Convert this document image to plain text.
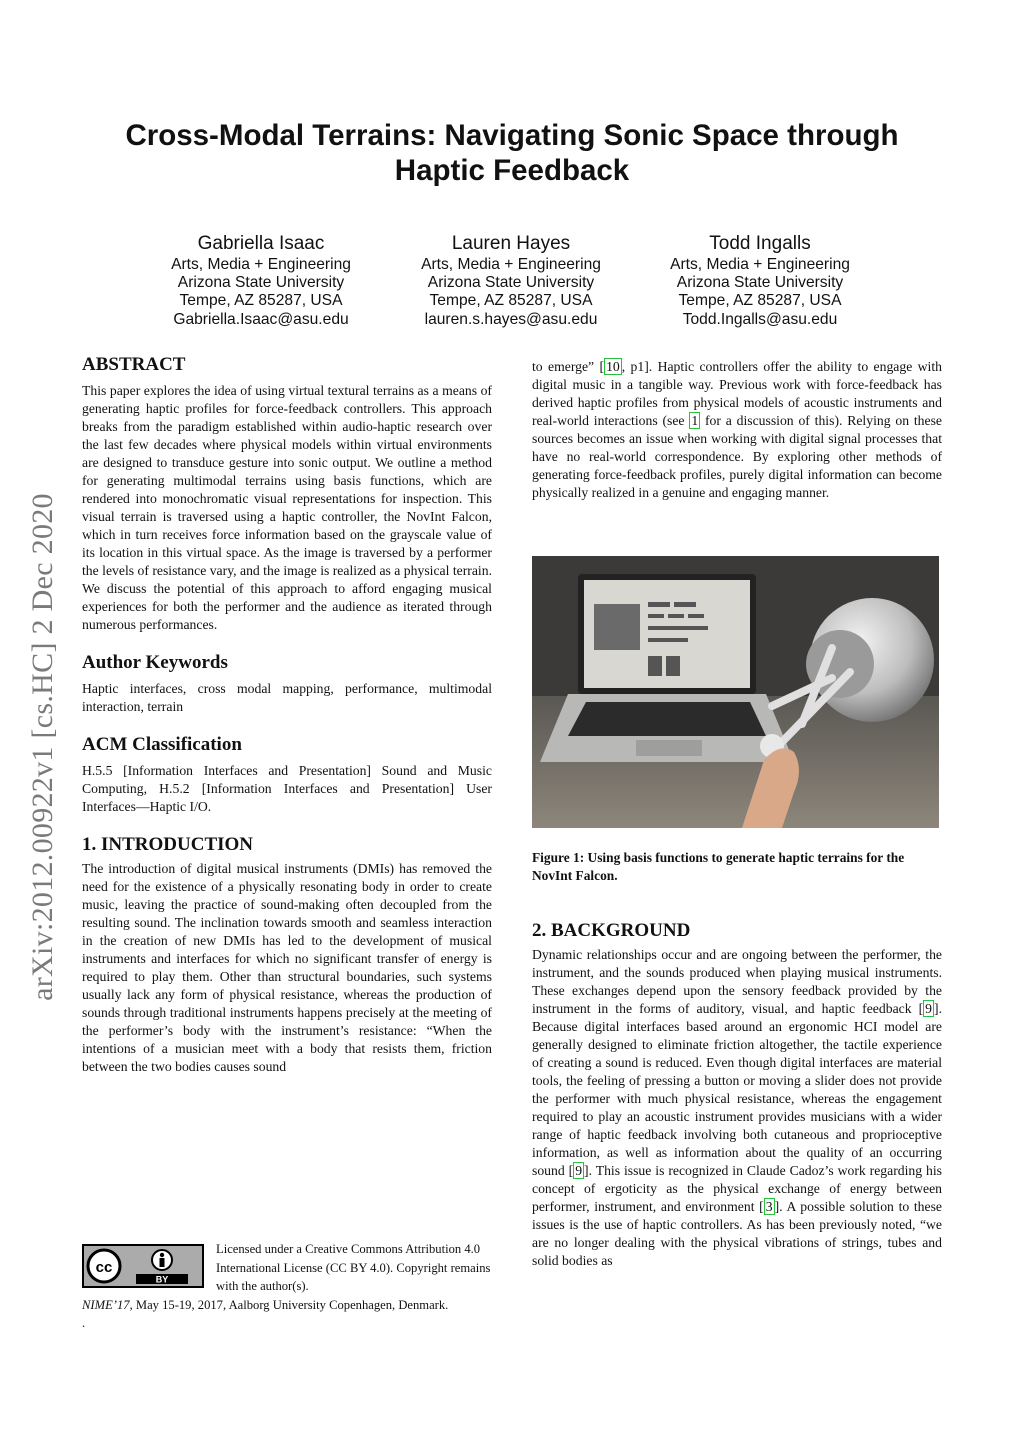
Cross-Modal Terrains: Navigating Sonic Space through
Haptic Feedback
Gabriella Isaac
Arts, Media + Engineering
Arizona State University
Tempe, AZ 85287, USA
Gabriella.Isaac@asu.edu
Lauren Hayes
Arts, Media + Engineering
Arizona State University
Tempe, AZ 85287, USA
lauren.s.hayes@asu.edu
Todd Ingalls
Arts, Media + Engineering
Arizona State University
Tempe, AZ 85287, USA
Todd.Ingalls@asu.edu
arXiv:2012.00922v1 [cs.HC] 2 Dec 2020
ABSTRACT

This paper explores the idea of using virtual textural terrains as a means of generating haptic profiles for force-feedback controllers. This approach breaks from the paradigm established within audio-haptic research over the last few decades where physical models within virtual environments are designed to transduce gesture into sonic output. We outline a method for generating multimodal terrains using basis functions, which are rendered into monochromatic visual representations for inspection. This visual terrain is traversed using a haptic controller, the NovInt Falcon, which in turn receives force information based on the grayscale value of its location in this virtual space. As the image is traversed by a performer the levels of resistance vary, and the image is realized as a physical terrain. We discuss the potential of this approach to afford engaging musical experiences for both the performer and the audience as iterated through numerous performances.

Author Keywords

Haptic interfaces, cross modal mapping, performance, multimodal interaction, terrain

ACM Classification

H.5.5 [Information Interfaces and Presentation] Sound and Music Computing, H.5.2 [Information Interfaces and Presentation] User Interfaces—Haptic I/O.

1. INTRODUCTION

The introduction of digital musical instruments (DMIs) has removed the need for the existence of a physically resonating body in order to create music, leaving the practice of sound-making often decoupled from the resulting sound. The inclination towards smooth and seamless interaction in the creation of new DMIs has led to the development of musical instruments and interfaces for which no significant transfer of energy is required to play them. Other than structural boundaries, such systems usually lack any form of physical resistance, whereas the production of sounds through traditional instruments happens precisely at the meeting of the performer’s body with the instrument’s resistance: “When the intentions of a musician meet with a body that resists them, friction between the two bodies causes sound

to emerge” [ 10 , p1]. Haptic controllers offer the ability to engage with digital music in a tangible way. Previous work with force-feedback has derived haptic profiles from physical models of acoustic instruments and real-world interactions (see 1 for a discussion of this). Relying on these sources becomes an issue when working with digital signal processes that have no real-world correspondence. By exploring other methods of generating force-feedback profiles, purely digital information can become physically realized in a genuine and engaging manner.

Figure 1: Using basis functions to generate haptic terrains for the NovInt Falcon.
2. BACKGROUND

Dynamic relationships occur and are ongoing between the performer, the instrument, and the sounds produced when playing musical instruments. These exchanges depend upon the sensory feedback provided by the instrument in the forms of auditory, visual, and haptic feedback [ 9 ]. Because digital interfaces based around an ergonomic HCI model are generally designed to eliminate friction altogether, the tactile experience of creating a sound is reduced. Even though digital interfaces are material tools, the feeling of pressing a button or moving a slider does not provide the performer with much physical resistance, whereas the engagement required to play an acoustic instrument provides musicians with a wider range of haptic feedback involving both cutaneous and proprioceptive information, as well as information about the quality of an occurring sound [ 9 ]. This issue is recognized in Claude Cadoz’s work regarding his concept of ergoticity as the physical exchange of energy between performer, instrument, and environment [ 3 ]. A possible solution to these issues is the use of haptic controllers. As has been previously noted, “we are no longer dealing with the physical vibrations of strings, tubes and solid bodies as

cc
BY
Licensed under a Creative Commons Attribution 4.0 International License (CC BY 4.0). Copyright remains with the author(s).
NIME’17, May 15-19, 2017, Aalborg University Copenhagen, Denmark.
.
